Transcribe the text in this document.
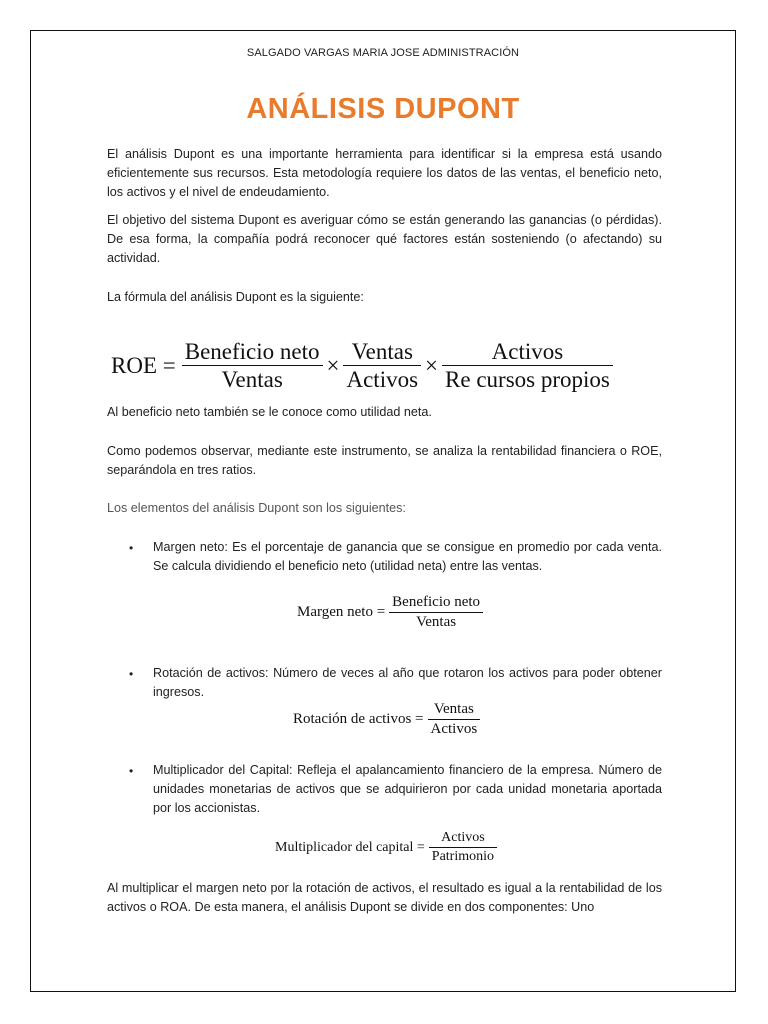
SALGADO VARGAS MARIA JOSE ADMINISTRACIÓN
ANÁLISIS DUPONT

El análisis Dupont es una importante herramienta para identificar si la empresa está usando eficientemente sus recursos. Esta metodología requiere los datos de las ventas, el beneficio neto, los activos y el nivel de endeudamiento.

El objetivo del sistema Dupont es averiguar cómo se están generando las ganancias (o pérdidas). De esa forma, la compañía podrá reconocer qué factores están sosteniendo (o afectando) su actividad.

La fórmula del análisis Dupont es la siguiente:

ROE = $\frac{\text{Beneficio neto}}{\text{Ventas}} \times \frac{\text{Ventas}}{\text{Activos}} \times \frac{\text{Activos}}{\text{Re cursos propios}}$

Al beneficio neto también se le conoce como utilidad neta.

Como podemos observar, mediante este instrumento, se analiza la rentabilidad financiera o ROE, separándola en tres ratios.

Los elementos del análisis Dupont son los siguientes:

• Margen neto: Es el porcentaje de ganancia que se consigue en promedio por cada venta. Se calcula dividiendo el beneficio neto (utilidad neta) entre las ventas.

Margen neto = $\frac{\text{Beneficio neto}}{\text{Ventas}}$
• Rotación de activos: Número de veces al año que rotaron los activos para poder obtener ingresos.

Rotación de activos = $\frac{\text{Ventas}}{\text{Activos}}$
• Multiplicador del Capital: Refleja el apalancamiento financiero de la empresa. Número de unidades monetarias de activos que se adquirieron por cada unidad monetaria aportada por los accionistas.

Multiplicador del capital = $\frac{\text{Activos}}{\text{Patrimonio}}$

Al multiplicar el margen neto por la rotación de activos, el resultado es igual a la rentabilidad de los activos o ROA. De esta manera, el análisis Dupont se divide en dos componentes: Uno
